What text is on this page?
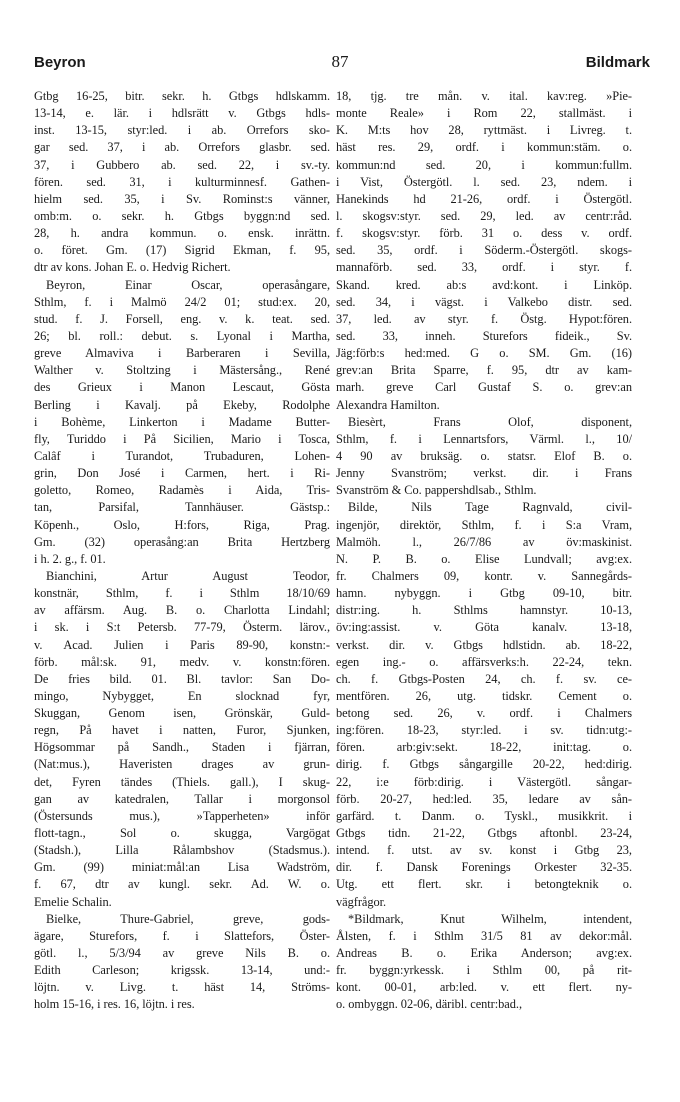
Beyron	87	Bildmark
Gtbg 16-25, bitr. sekr. h. Gtbgs hdlskamm.
13-14, e. lär. i hdlsrätt v. Gtbgs hdls-
inst. 13-15, styr:led. i ab. Orrefors sko-
gar sed. 37, i ab. Orrefors glasbr. sed.
37, i Gubbero ab. sed. 22, i sv.-ty.
fören. sed. 31, i kulturminnesf. Gathen-
hielm sed. 35, i Sv. Rominst:s vänner,
omb:m. o. sekr. h. Gtbgs byggn:nd sed.
28, h. andra kommun. o. ensk. inrättn.
o. föret. Gm. (17) Sigrid Ekman, f. 95,
dtr av kons. Johan E. o. Hedvig Richert.
Beyron, Einar Oscar, operasångare,
Sthlm, f. i Malmö 24/2 01; stud:ex. 20,
stud. f. J. Forsell, eng. v. k. teat. sed.
26; bl. roll.: debut. s. Lyonal i Martha,
greve Almaviva i Barberaren i Sevilla,
Walther v. Stoltzing i Mästersång., René
des Grieux i Manon Lescaut, Gösta
Berling i Kavalj. på Ekeby, Rodolphe
i Bohème, Linkerton i Madame Butter-
fly, Turiddo i På Sicilien, Mario i Tosca,
Calâf i Turandot, Trubaduren, Lohen-
grin, Don José i Carmen, hert. i Ri-
goletto, Romeo, Radamès i Aida, Tris-
tan, Parsifal, Tannhäuser. Gästsp.:
Köpenh., Oslo, H:fors, Riga, Prag.
Gm. (32) operasång:an Brita Hertzberg
i h. 2. g., f. 01.
Bianchini, Artur August Teodor,
konstnär, Sthlm, f. i Sthlm 18/10/69
av affärsm. Aug. B. o. Charlotta Lindahl;
i sk. i S:t Petersb. 77-79, Österm. lärov.,
v. Acad. Julien i Paris 89-90, konstn:-
förb. mål:sk. 91, medv. v. konstn:fören.
De fries bild. 01. Bl. tavlor: San Do-
mingo, Nybygget, En slocknad fyr,
Skuggan, Genom isen, Grönskär, Guld-
regn, På havet i natten, Furor, Sjunken,
Högsommar på Sandh., Staden i fjärran,
(Nat:mus.), Haveristen drages av grun-
det, Fyren tändes (Thiels. gall.), I skug-
gan av katedralen, Tallar i morgonsol
(Östersunds mus.), »Tapperheten» inför
flott-tagn., Sol o. skugga, Vargögat
(Stadsh.), Lilla Rålambshov (Stadsmus.).
Gm. (99) miniat:mål:an Lisa Wadström,
f. 67, dtr av kungl. sekr. Ad. W. o.
Emelie Schalin.
Bielke, Thure-Gabriel, greve, gods-
ägare, Sturefors, f. i Slattefors, Öster-
götl. l., 5/3/94 av greve Nils B. o.
Edith Carleson; krigssk. 13-14, und:-
löjtn. v. Livg. t. häst 14, Ströms-
holm 15-16, i res. 16, löjtn. i res.
18, tjg. tre mån. v. ital. kav:reg. »Pie-
monte Reale» i Rom 22, stallmäst. i
K. M:ts hov 28, ryttmäst. i Livreg. t.
häst res. 29, ordf. i kommun:stäm. o.
kommun:nd sed. 20, i kommun:fullm.
i Vist, Östergötl. l. sed. 23, ndem. i
Hanekinds hd 21-26, ordf. i Östergötl.
l. skogsv:styr. sed. 29, led. av centr:råd.
f. skogsv:styr. förb. 31 o. dess v. ordf.
sed. 35, ordf. i Söderm.-Östergötl. skogs-
mannaförb. sed. 33, ordf. i styr. f.
Skand. kred. ab:s avd:kont. i Linköp.
sed. 34, i vägst. i Valkebo distr. sed.
37, led. av styr. f. Östg. Hypot:fören.
sed. 33, inneh. Sturefors fideik., Sv.
Jäg:förb:s hed:med. G o. SM. Gm. (16)
grev:an Brita Sparre, f. 95, dtr av kam-
marh. greve Carl Gustaf S. o. grev:an
Alexandra Hamilton.
Biesèrt, Frans Olof, disponent,
Sthlm, f. i Lennartsfors, Värml. l., 10/
4 90 av bruksäg. o. statsr. Elof B. o.
Jenny Svanström; verkst. dir. i Frans
Svanström & Co. pappershdlsab., Sthlm.
Bilde, Nils Tage Ragnvald, civil-
ingenjör, direktör, Sthlm, f. i S:a Vram,
Malmöh. l., 26/7/86 av öv:maskinist.
N. P. B. o. Elise Lundvall; avg:ex.
fr. Chalmers 09, kontr. v. Sannegårds-
hamn. nybyggn. i Gtbg 09-10, bitr.
distr:ing. h. Sthlms hamnstyr. 10-13,
öv:ing:assist. v. Göta kanalv. 13-18,
verkst. dir. v. Gtbgs hdlstidn. ab. 18-22,
egen ing.- o. affärsverks:h. 22-24, tekn.
ch. f. Gtbgs-Posten 24, ch. f. sv. ce-
mentfören. 26, utg. tidskr. Cement o.
betong sed. 26, v. ordf. i Chalmers
ing:fören. 18-23, styr:led. i sv. tidn:utg:-
fören. arb:giv:sekt. 18-22, init:tag. o.
dirig. f. Gtbgs sångargille 20-22, hed:dirig.
22, i:e förb:dirig. i Västergötl. sångar-
förb. 20-27, hed:led. 35, ledare av sån-
garfärd. t. Danm. o. Tyskl., musikkrit. i
Gtbgs tidn. 21-22, Gtbgs aftonbl. 23-24,
intend. f. utst. av sv. konst i Gtbg 23,
dir. f. Dansk Forenings Orkester 32-35.
Utg. ett flert. skr. i betongteknik o.
vägfrågor.
*Bildmark, Knut Wilhelm, intendent,
Ålsten, f. i Sthlm 31/5 81 av dekor:mål.
Andreas B. o. Erika Anderson; avg:ex.
fr. byggn:yrkessk. i Sthlm 00, på rit-
kont. 00-01, arb:led. v. ett flert. ny-
o. ombyggn. 02-06, däribl. centr:bad.,
